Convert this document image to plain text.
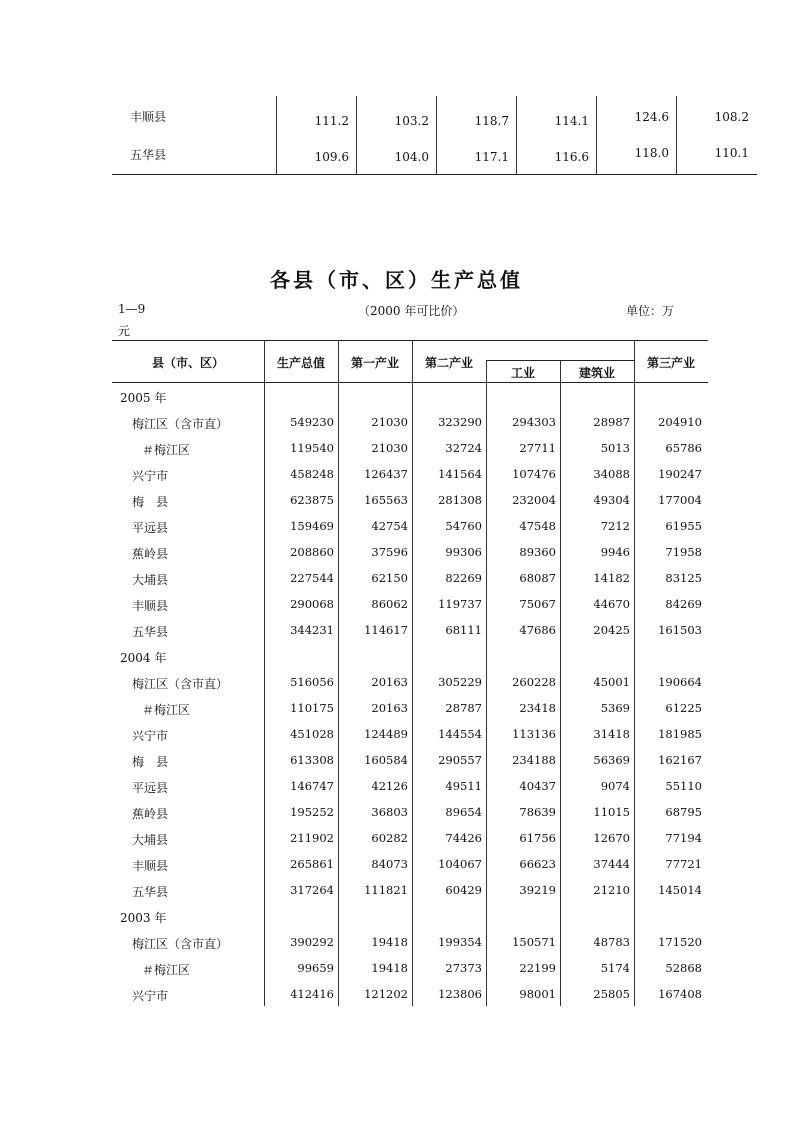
丰顺县	111.2	103.2	118.7	114.1	124.6	108.2
五华县	109.6	104.0	117.1	116.6	118.0	110.1
各县（市、区）生产总值
1—9	（2000 年可比价）	单位：万
元
县（市、区）	生产总值	第一产业	第二产业
工业	建筑业
第三产业
2005 年
梅江区（含市直）	549230	21030	323290	294303	28987 204910
＃梅江区	119540	21030	32724	27711	5013	65786
兴宁市	458248	126437	141564	107476	34088 190247
梅　县	623875	165563	281308	232004	49304 177004
平远县	159469	42754	54760	47548	7212	61955
蕉岭县	208860	37596	99306	89360	9946	71958
大埔县	227544	62150	82269	68087	14182	83125
丰顺县	290068	86062	119737	75067	44670	84269
五华县	344231	114617	68111	47686	20425 161503
2004 年
梅江区（含市直）	516056	20163	305229	260228	45001 190664
＃梅江区	110175	20163	28787	23418	5369	61225
兴宁市	451028	124489	144554	113136	31418 181985
梅　县	613308	160584	290557	234188	56369 162167
平远县	146747	42126	49511	40437	9074	55110
蕉岭县	195252	36803	89654	78639	11015	68795
大埔县	211902	60282	74426	61756	12670	77194
丰顺县	265861	84073	104067	66623	37444	77721
五华县	317264	111821	60429	39219	21210 145014
2003 年
梅江区（含市直）	390292	19418	199354	150571	48783 171520
＃梅江区	99659	19418	27373	22199	5174	52868
兴宁市	412416	121202	123806	98001	25805 167408
